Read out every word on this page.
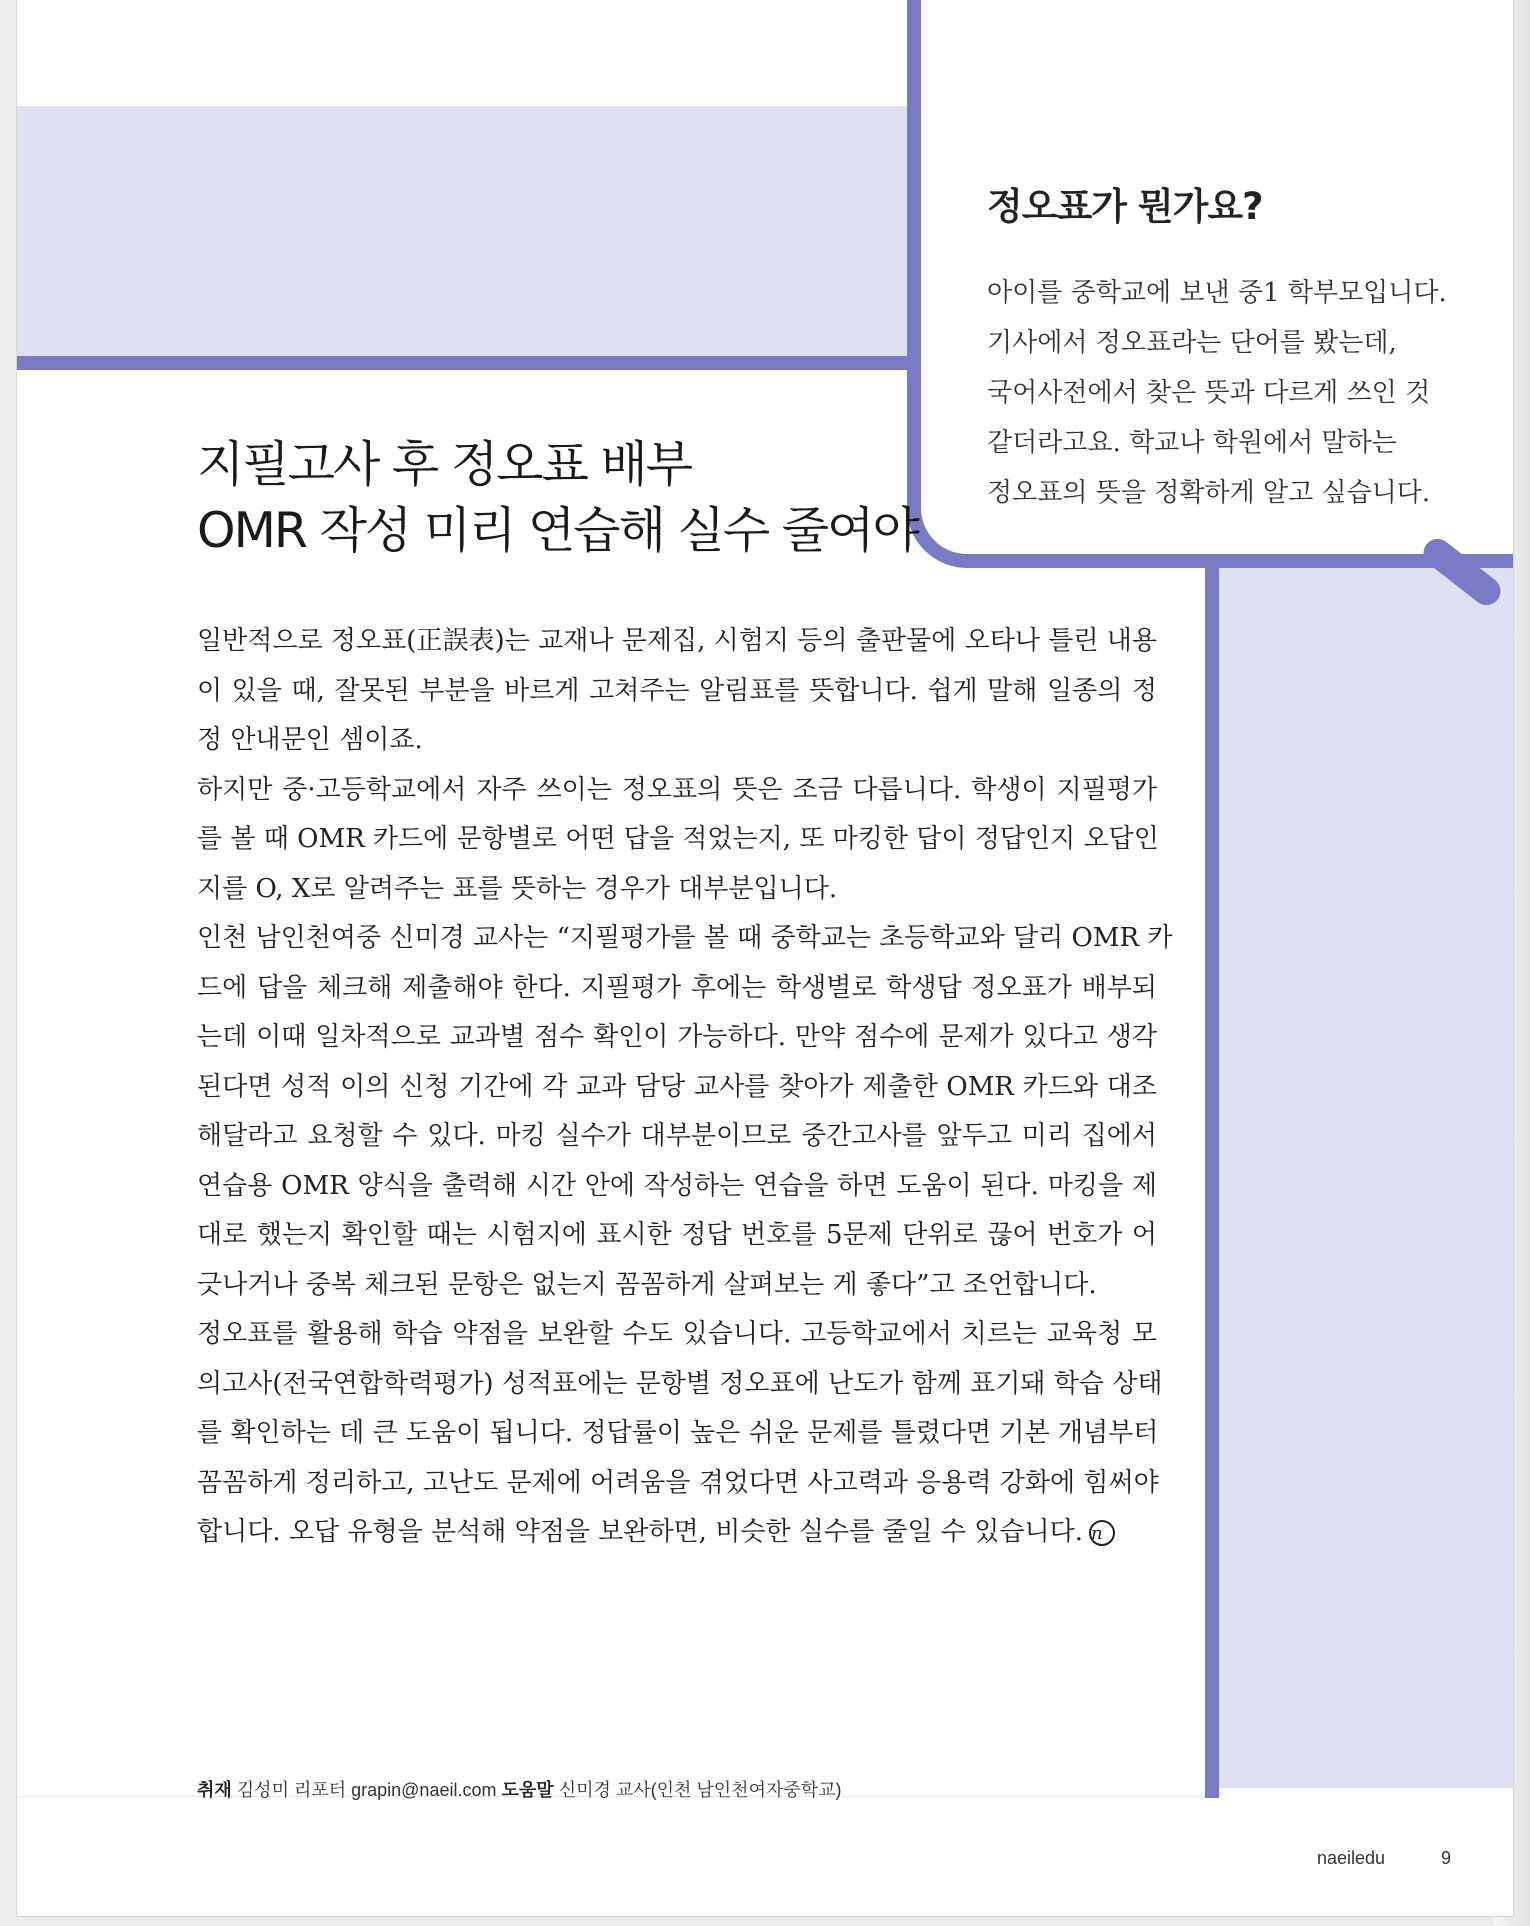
정오표가 뭔가요?
아이를 중학교에 보낸 중1 학부모입니다.
기사에서 정오표라는 단어를 봤는데,
국어사전에서 찾은 뜻과 다르게 쓰인 것
같더라고요. 학교나 학원에서 말하는
정오표의 뜻을 정확하게 알고 싶습니다.
지필고사 후 정오표 배부
OMR 작성 미리 연습해 실수 줄여야
일반적으로 정오표(正誤表)는 교재나 문제집, 시험지 등의 출판물에 오타나 틀린 내용
이 있을 때, 잘못된 부분을 바르게 고쳐주는 알림표를 뜻합니다. 쉽게 말해 일종의 정
정 안내문인 셈이죠.
하지만 중·고등학교에서 자주 쓰이는 정오표의 뜻은 조금 다릅니다. 학생이 지필평가
를 볼 때 OMR 카드에 문항별로 어떤 답을 적었는지, 또 마킹한 답이 정답인지 오답인
지를 O, X로 알려주는 표를 뜻하는 경우가 대부분입니다.
인천 남인천여중 신미경 교사는 “지필평가를 볼 때 중학교는 초등학교와 달리 OMR 카
드에 답을 체크해 제출해야 한다. 지필평가 후에는 학생별로 학생답 정오표가 배부되
는데 이때 일차적으로 교과별 점수 확인이 가능하다. 만약 점수에 문제가 있다고 생각
된다면 성적 이의 신청 기간에 각 교과 담당 교사를 찾아가 제출한 OMR 카드와 대조
해달라고 요청할 수 있다. 마킹 실수가 대부분이므로 중간고사를 앞두고 미리 집에서
연습용 OMR 양식을 출력해 시간 안에 작성하는 연습을 하면 도움이 된다. 마킹을 제
대로 했는지 확인할 때는 시험지에 표시한 정답 번호를 5문제 단위로 끊어 번호가 어
긋나거나 중복 체크된 문항은 없는지 꼼꼼하게 살펴보는 게 좋다”고 조언합니다.
정오표를 활용해 학습 약점을 보완할 수도 있습니다. 고등학교에서 치르는 교육청 모
의고사(전국연합학력평가) 성적표에는 문항별 정오표에 난도가 함께 표기돼 학습 상태
를 확인하는 데 큰 도움이 됩니다. 정답률이 높은 쉬운 문제를 틀렸다면 기본 개념부터
꼼꼼하게 정리하고, 고난도 문제에 어려움을 겪었다면 사고력과 응용력 강화에 힘써야
합니다. 오답 유형을 분석해 약점을 보완하면, 비슷한 실수를 줄일 수 있습니다. n
취재 김성미 리포터 grapin@naeil.com 도움말 신미경 교사(인천 남인천여자중학교)
naeiledu	9
